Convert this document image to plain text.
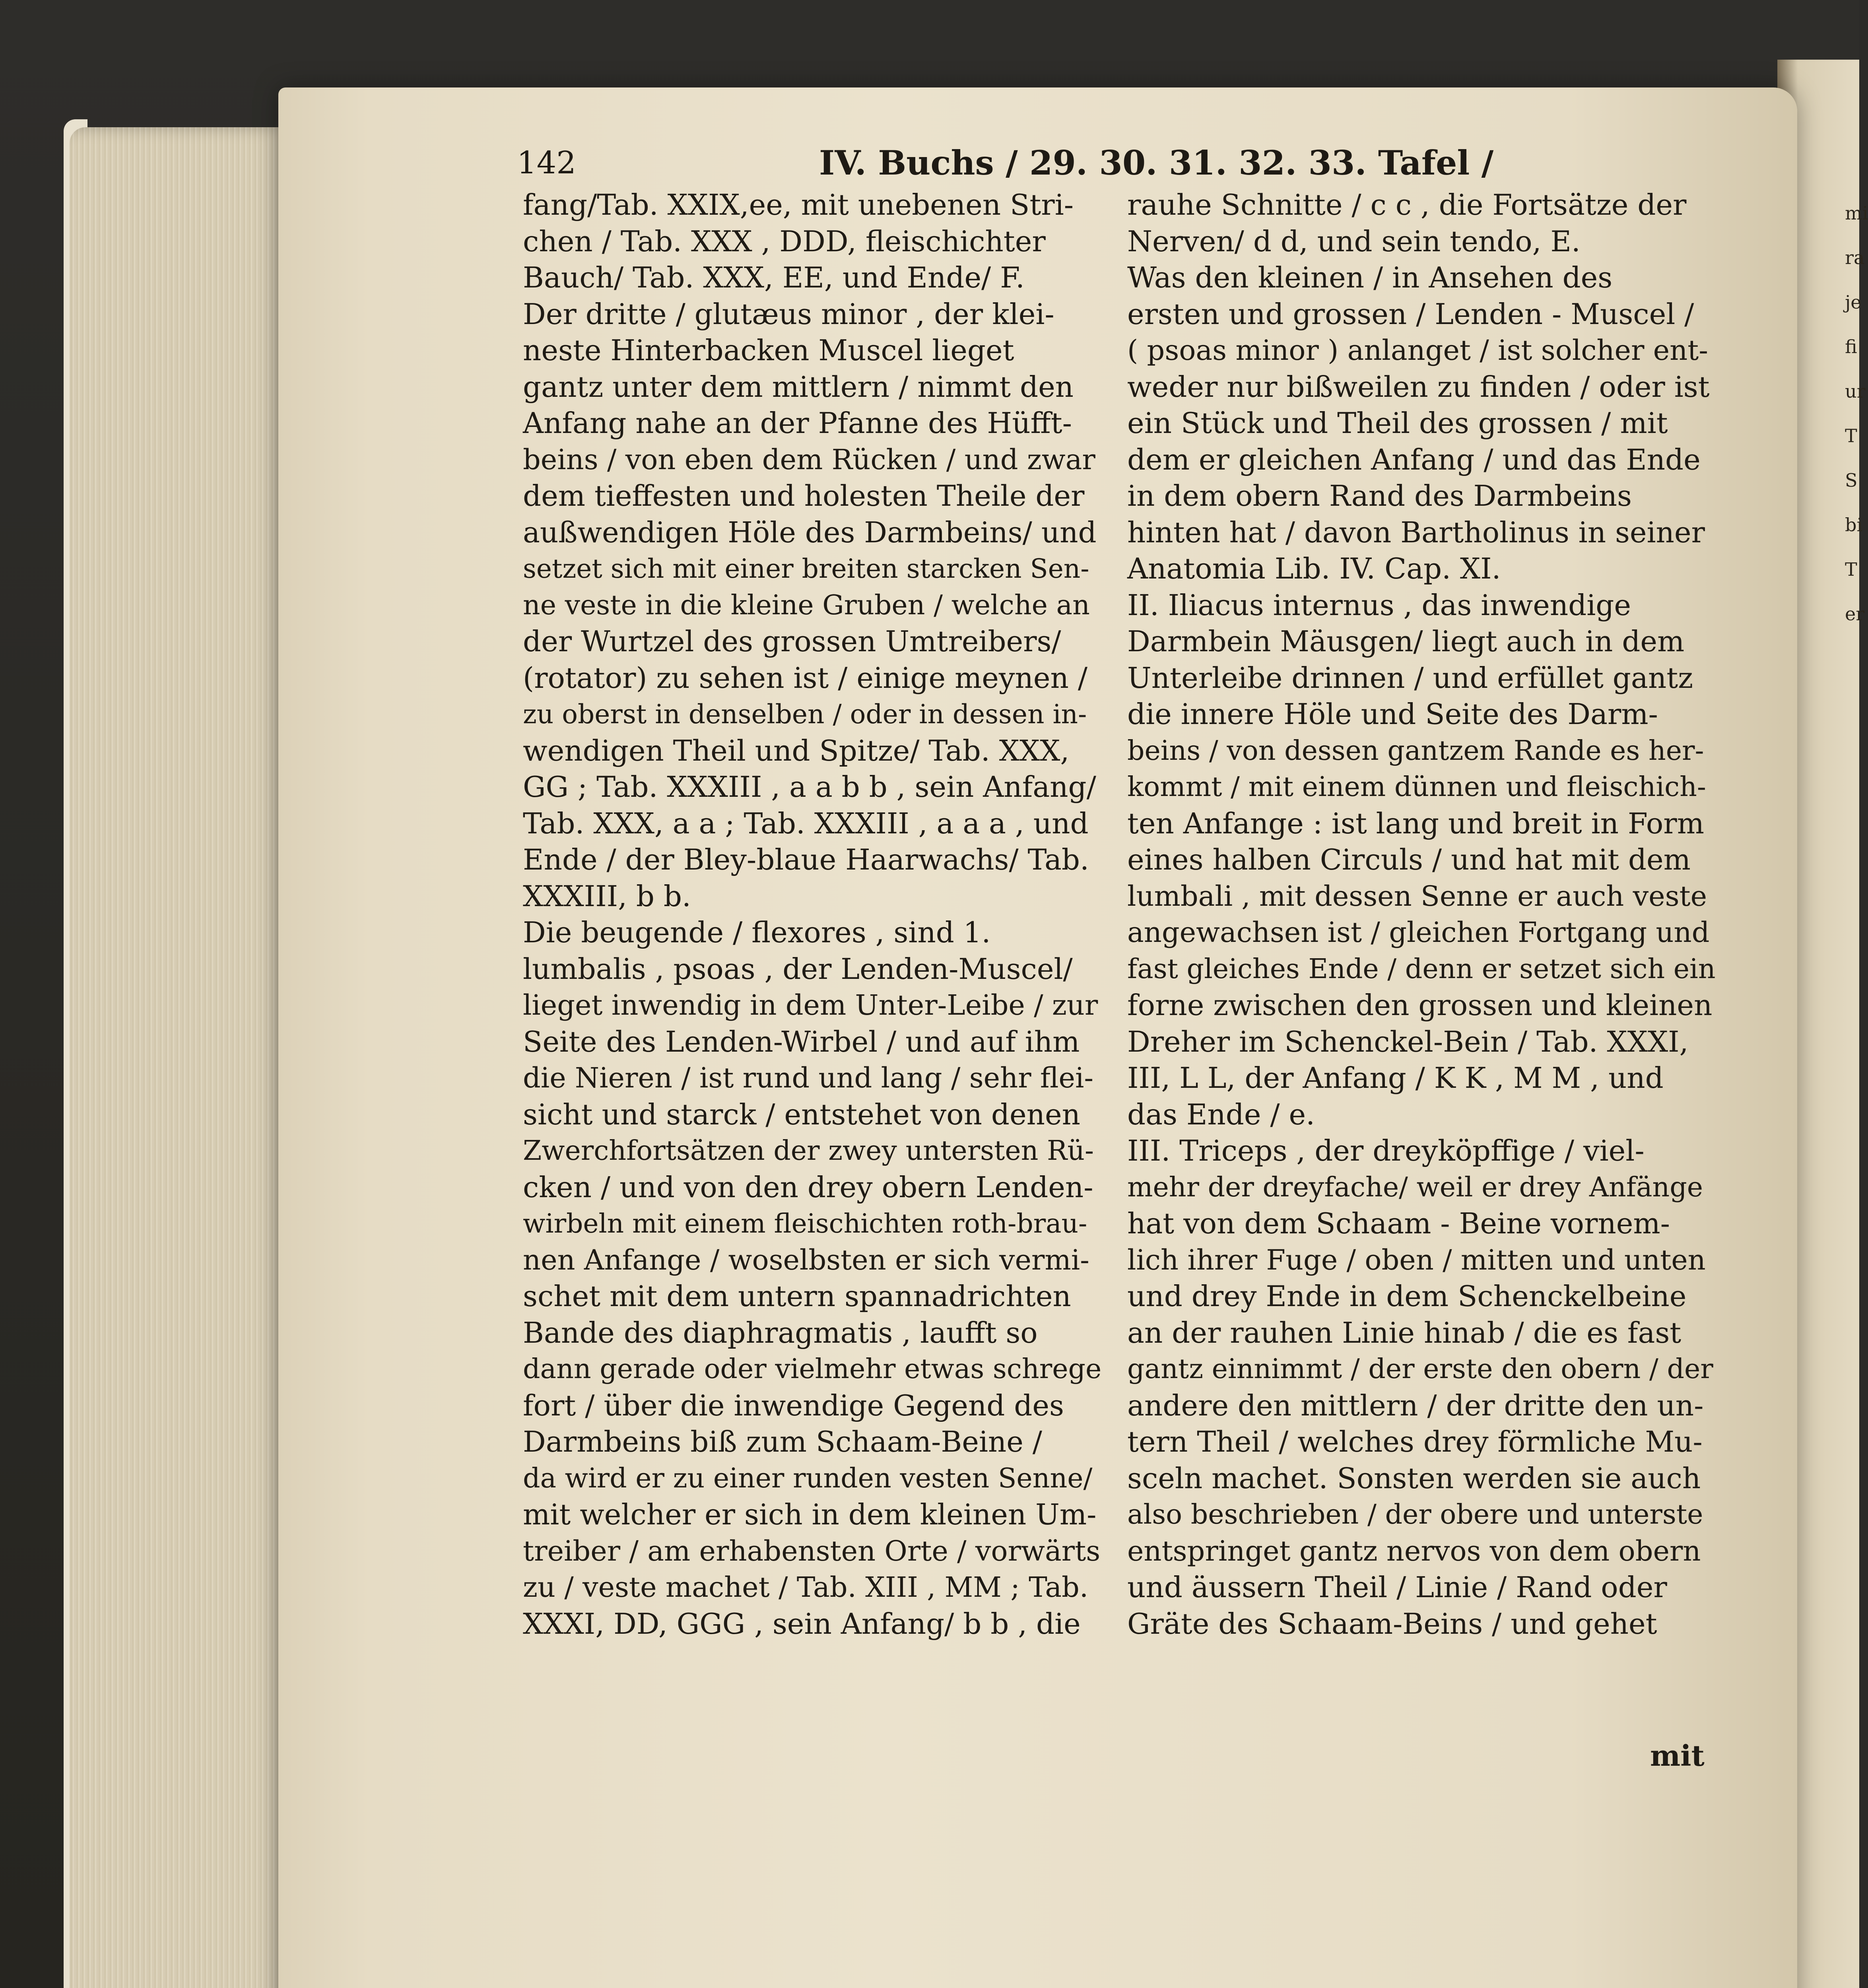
mi
ra
je
fi
ur
T
S
bi
T
er
142	IV. Buchs / 29. 30. 31. 32. 33. Tafel /
fang/Tab. XXIX,ee, mit unebenen Stri-
chen / Tab. XXX , DDD, fleischichter
Bauch/ Tab. XXX, EE, und Ende/ F.
Der dritte / glutæus minor , der klei-
neste Hinterbacken Muscel lieget
gantz unter dem mittlern / nimmt den
Anfang nahe an der Pfanne des Hüfft-
beins / von eben dem Rücken / und zwar
dem tieffesten und holesten Theile der
außwendigen Höle des Darmbeins/ und
setzet sich mit einer breiten starcken Sen-
ne veste in die kleine Gruben / welche an
der Wurtzel des grossen Umtreibers/
(rotator) zu sehen ist / einige meynen /
zu oberst in denselben / oder in dessen in-
wendigen Theil und Spitze/ Tab. XXX,
GG ; Tab. XXXIII , a a b b , sein Anfang/
Tab. XXX, a a ; Tab. XXXIII , a a a , und
Ende / der Bley-blaue Haarwachs/ Tab.
XXXIII, b b.
Die beugende / flexores , sind 1.
lumbalis , psoas , der Lenden-Muscel/
lieget inwendig in dem Unter-Leibe / zur
Seite des Lenden-Wirbel / und auf ihm
die Nieren / ist rund und lang / sehr flei-
sicht und starck / entstehet von denen
Zwerchfortsätzen der zwey untersten Rü-
cken / und von den drey obern Lenden-
wirbeln mit einem fleischichten roth-brau-
nen Anfange / woselbsten er sich vermi-
schet mit dem untern spannadrichten
Bande des diaphragmatis , laufft so
dann gerade oder vielmehr etwas schrege
fort / über die inwendige Gegend des
Darmbeins biß zum Schaam-Beine /
da wird er zu einer runden vesten Senne/
mit welcher er sich in dem kleinen Um-
treiber / am erhabensten Orte / vorwärts
zu / veste machet / Tab. XIII , MM ; Tab.
XXXI, DD, GGG , sein Anfang/ b b , die
rauhe Schnitte / c c , die Fortsätze der
Nerven/ d d, und sein tendo, E.
Was den kleinen / in Ansehen des
ersten und grossen / Lenden - Muscel /
( psoas minor ) anlanget / ist solcher ent-
weder nur bißweilen zu finden / oder ist
ein Stück und Theil des grossen / mit
dem er gleichen Anfang / und das Ende
in dem obern Rand des Darmbeins
hinten hat / davon Bartholinus in seiner
Anatomia Lib. IV. Cap. XI.
II. Iliacus internus , das inwendige
Darmbein Mäusgen/ liegt auch in dem
Unterleibe drinnen / und erfüllet gantz
die innere Höle und Seite des Darm-
beins / von dessen gantzem Rande es her-
kommt / mit einem dünnen und fleischich-
ten Anfange : ist lang und breit in Form
eines halben Circuls / und hat mit dem
lumbali , mit dessen Senne er auch veste
angewachsen ist / gleichen Fortgang und
fast gleiches Ende / denn er setzet sich ein
forne zwischen den grossen und kleinen
Dreher im Schenckel-Bein / Tab. XXXI,
III, L L, der Anfang / K K , M M , und
das Ende / e.
III. Triceps , der dreyköpffige / viel-
mehr der dreyfache/ weil er drey Anfänge
hat von dem Schaam - Beine vornem-
lich ihrer Fuge / oben / mitten und unten
und drey Ende in dem Schenckelbeine
an der rauhen Linie hinab / die es fast
gantz einnimmt / der erste den obern / der
andere den mittlern / der dritte den un-
tern Theil / welches drey förmliche Mu-
sceln machet. Sonsten werden sie auch
also beschrieben / der obere und unterste
entspringet gantz nervos von dem obern
und äussern Theil / Linie / Rand oder
Gräte des Schaam-Beins / und gehet
mit
